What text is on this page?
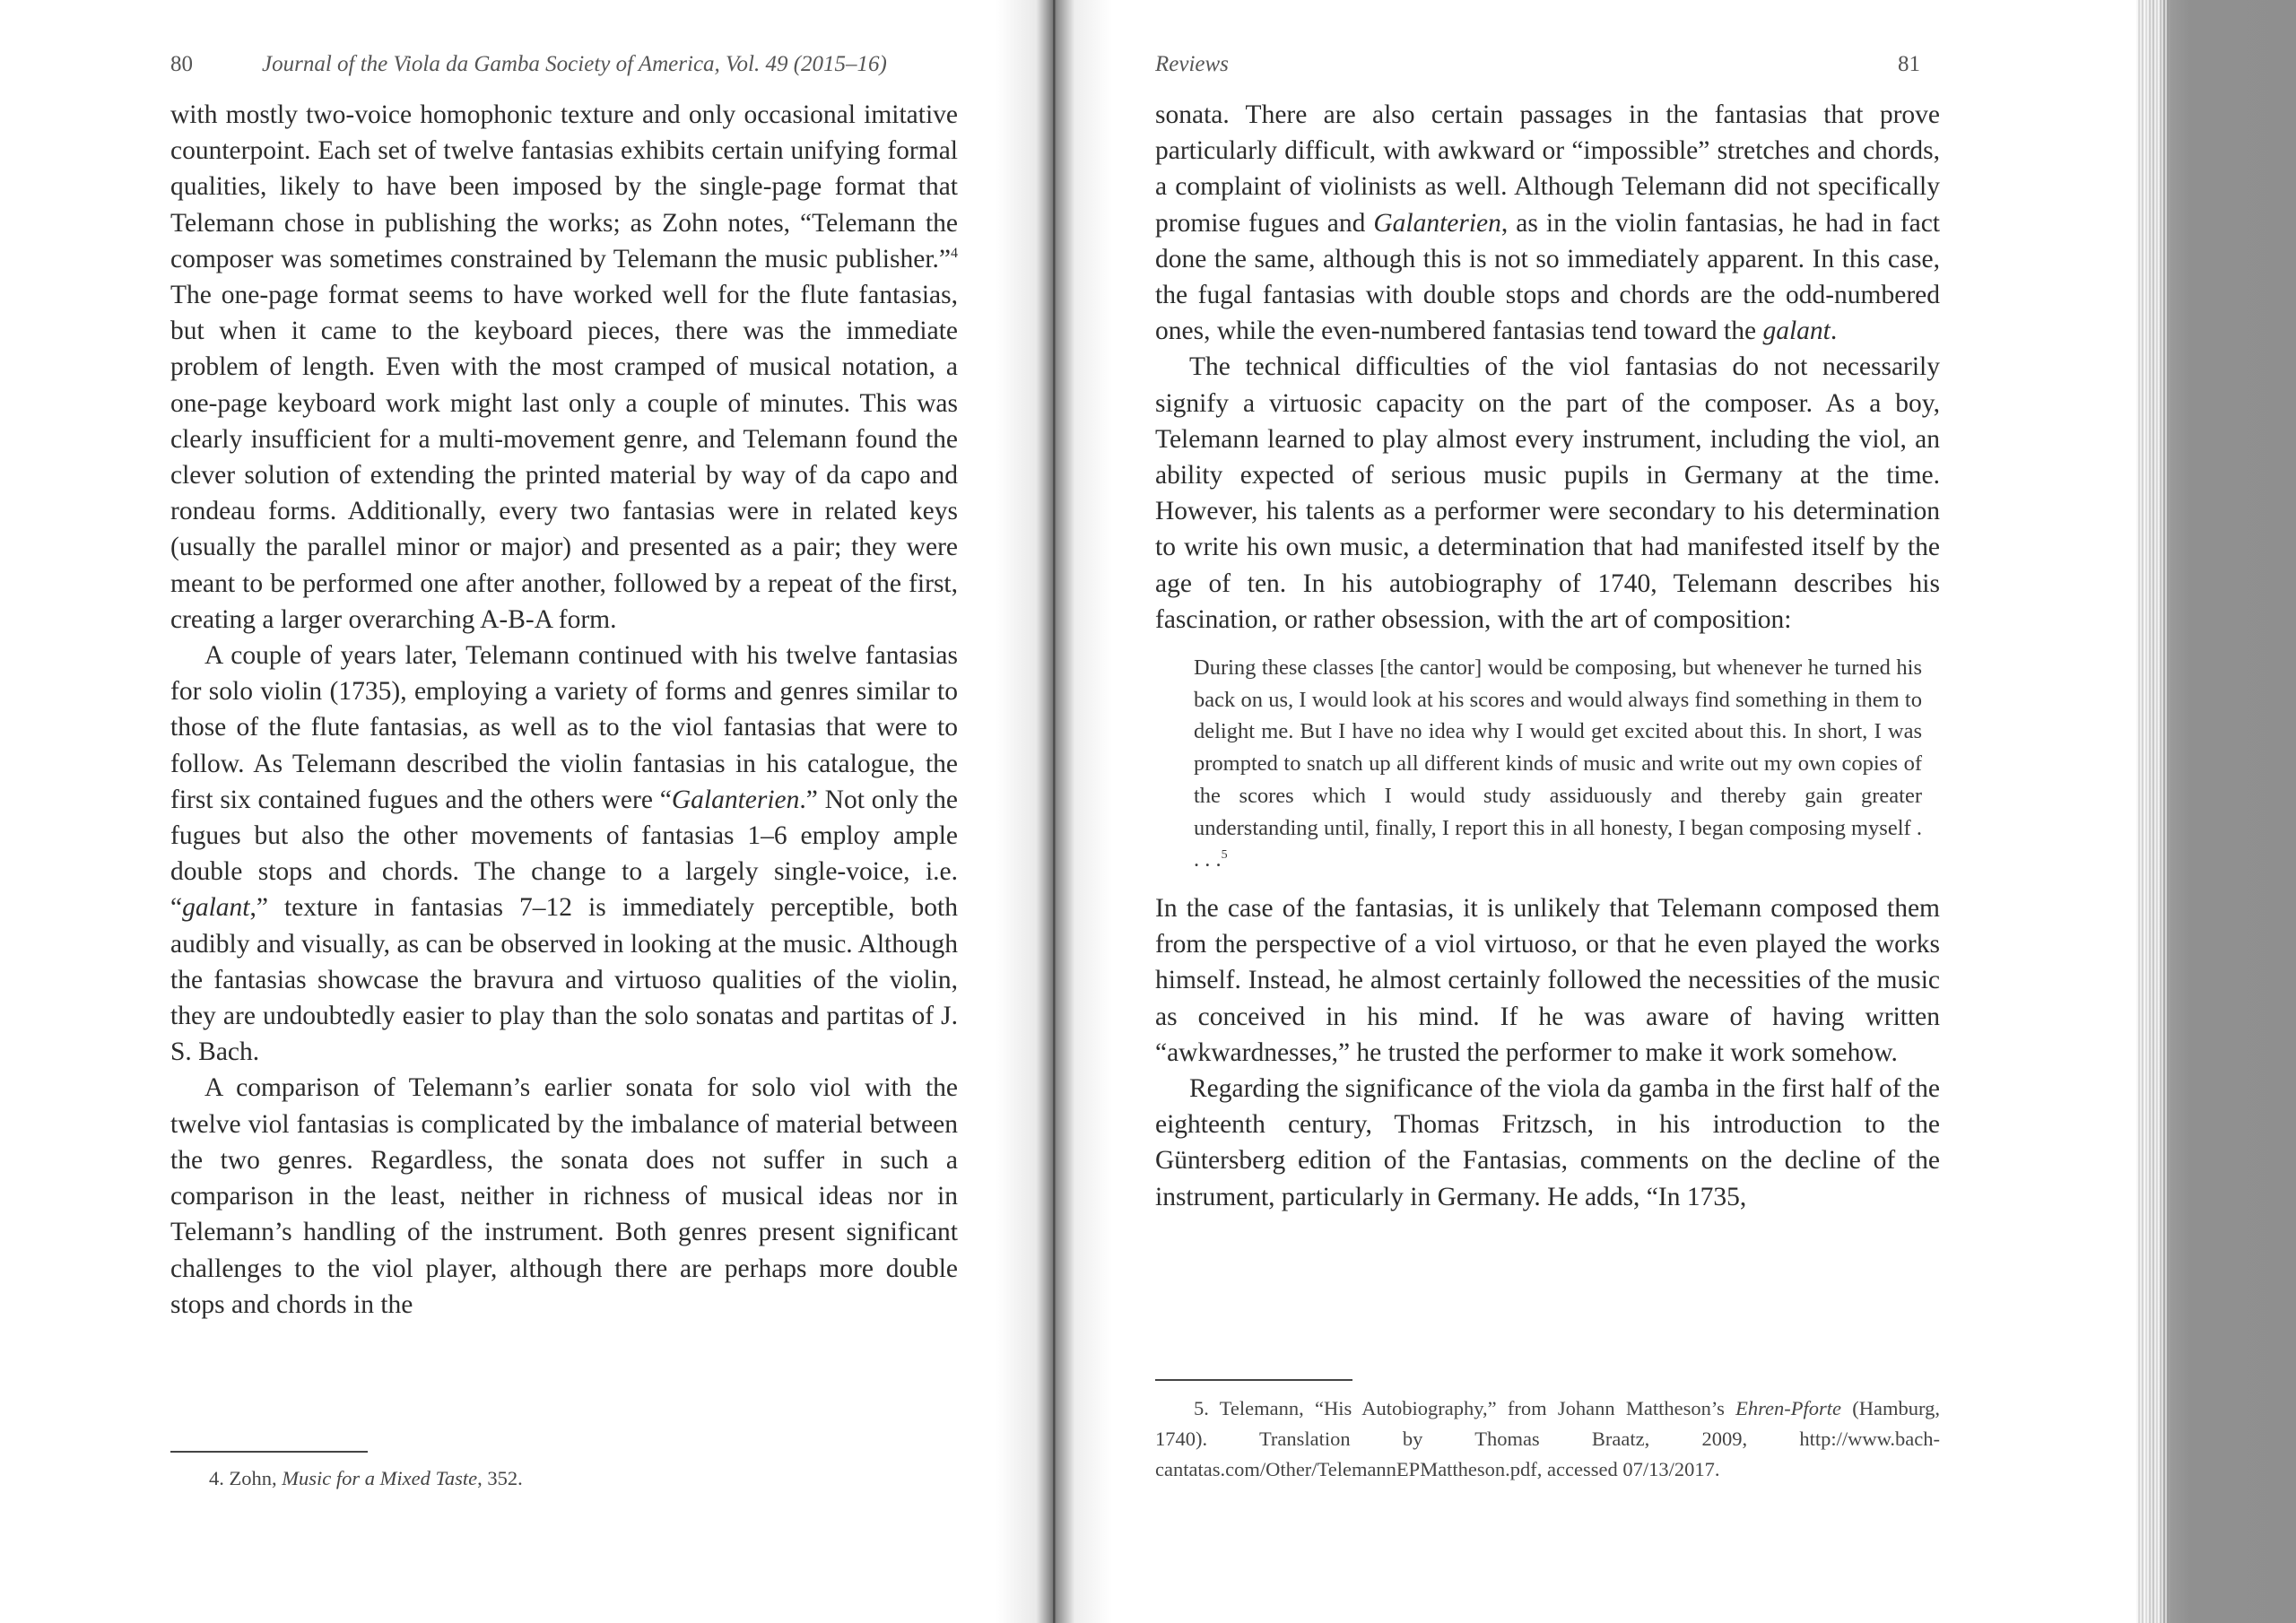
80	Journal of the Viola da Gamba Society of America, Vol. 49 (2015–16)

with mostly two-voice homophonic texture and only occasional imitative counterpoint. Each set of twelve fantasias exhibits certain unifying formal qualities, likely to have been imposed by the single-page format that Telemann chose in publishing the works; as Zohn notes, “Telemann the composer was sometimes constrained by Telemann the music publisher.”$^4$ The one-page format seems to have worked well for the flute fantasias, but when it came to the keyboard pieces, there was the immediate problem of length. Even with the most cramped of musical notation, a one-page keyboard work might last only a couple of minutes. This was clearly insufficient for a multi-movement genre, and Telemann found the clever solution of extending the printed material by way of da capo and rondeau forms. Additionally, every two fantasias were in related keys (usually the parallel minor or major) and presented as a pair; they were meant to be performed one after another, followed by a repeat of the first, creating a larger overarching A-B-A form.

A couple of years later, Telemann continued with his twelve fantasias for solo violin (1735), employing a variety of forms and genres similar to those of the flute fantasias, as well as to the viol fantasias that were to follow. As Telemann described the violin fantasias in his catalogue, the first six contained fugues and the others were “Galanterien.” Not only the fugues but also the other movements of fantasias 1–6 employ ample double stops and chords. The change to a largely single-voice, i.e. “galant,” texture in fantasias 7–12 is immediately perceptible, both audibly and visually, as can be observed in looking at the music. Although the fantasias showcase the bravura and virtuoso qualities of the violin, they are undoubtedly easier to play than the solo sonatas and partitas of J. S. Bach.

A comparison of Telemann’s earlier sonata for solo viol with the twelve viol fantasias is complicated by the imbalance of material between the two genres. Regardless, the sonata does not suffer in such a comparison in the least, neither in richness of musical ideas nor in Telemann’s handling of the instrument. Both genres present significant challenges to the viol player, although there are perhaps more double stops and chords in the

4. Zohn, Music for a Mixed Taste, 352.
Reviews	81

sonata. There are also certain passages in the fantasias that prove particularly difficult, with awkward or “impossible” stretches and chords, a complaint of violinists as well. Although Telemann did not specifically promise fugues and Galanterien, as in the violin fantasias, he had in fact done the same, although this is not so immediately apparent. In this case, the fugal fantasias with double stops and chords are the odd-numbered ones, while the even-numbered fantasias tend toward the galant.

The technical difficulties of the viol fantasias do not necessarily signify a virtuosic capacity on the part of the composer. As a boy, Telemann learned to play almost every instrument, including the viol, an ability expected of serious music pupils in Germany at the time. However, his talents as a performer were secondary to his determination to write his own music, a determination that had manifested itself by the age of ten. In his autobiography of 1740, Telemann describes his fascination, or rather obsession, with the art of composition:

During these classes [the cantor] would be composing, but whenever he turned his back on us, I would look at his scores and would always find something in them to delight me. But I have no idea why I would get excited about this. In short, I was prompted to snatch up all different kinds of music and write out my own copies of the scores which I would study assiduously and thereby gain greater understanding until, finally, I report this in all honesty, I began composing myself . . . .$^5$

In the case of the fantasias, it is unlikely that Telemann composed them from the perspective of a viol virtuoso, or that he even played the works himself. Instead, he almost certainly followed the necessities of the music as conceived in his mind. If he was aware of having written “awkwardnesses,” he trusted the performer to make it work somehow.

Regarding the significance of the viola da gamba in the first half of the eighteenth century, Thomas Fritzsch, in his introduction to the Güntersberg edition of the Fantasias, comments on the decline of the instrument, particularly in Germany. He adds, “In 1735,

5. Telemann, “His Autobiography,” from Johann Mattheson’s Ehren-Pforte (Hamburg, 1740). Translation by Thomas Braatz, 2009, http://www.bach-cantatas.com/Other/TelemannEPMattheson.pdf, accessed 07/13/2017.
